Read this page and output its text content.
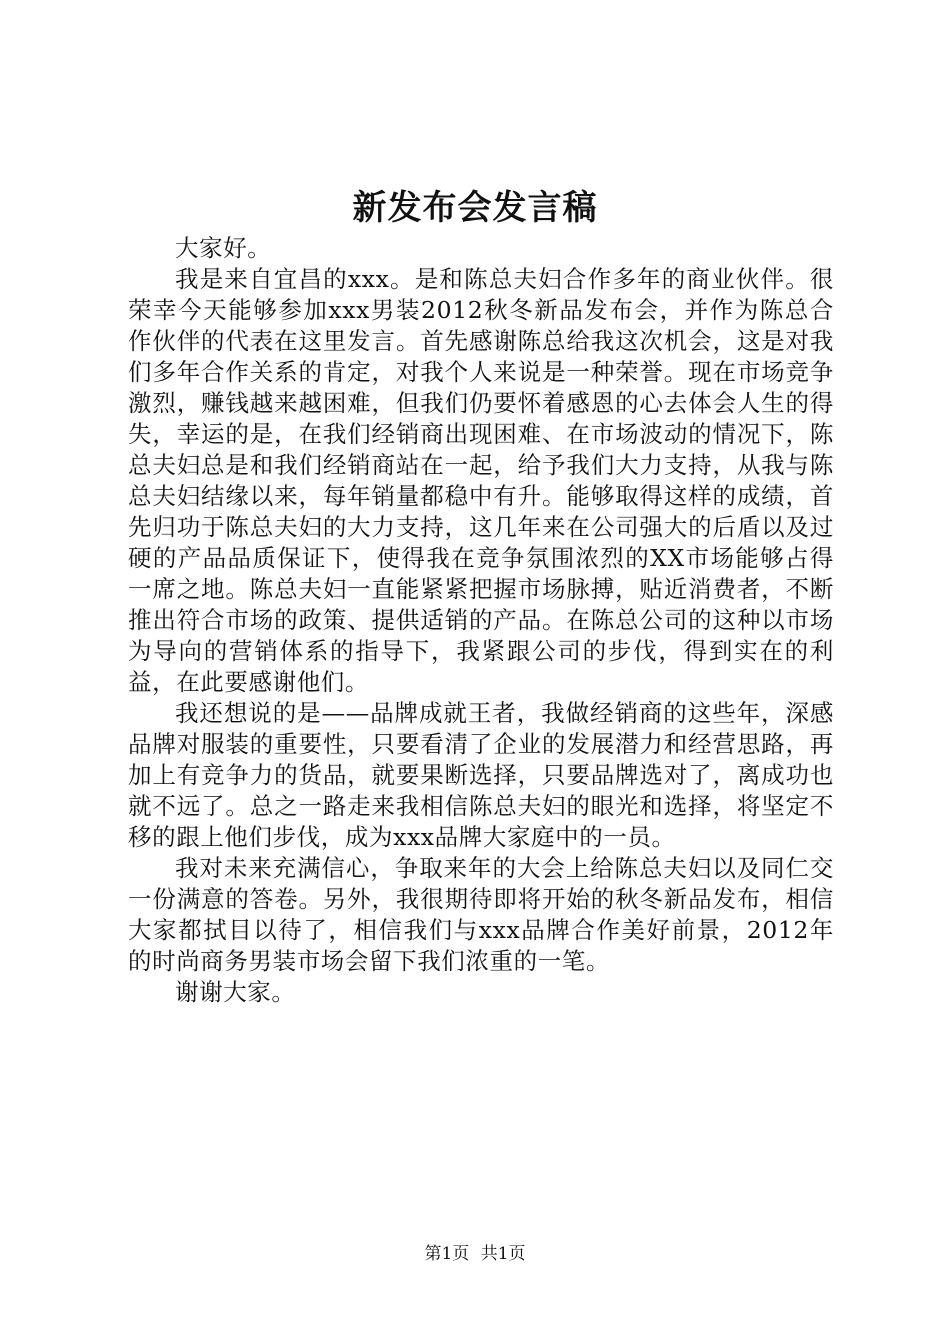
新发布会发言稿

大家好。

我是来自宜昌的xxx。是和陈总夫妇合作多年的商业伙伴。很荣幸今天能够参加xxx男装2012秋冬新品发布会，并作为陈总合作伙伴的代表在这里发言。首先感谢陈总给我这次机会，这是对我们多年合作关系的肯定，对我个人来说是一种荣誉。现在市场竞争激烈，赚钱越来越困难，但我们仍要怀着感恩的心去体会人生的得失，幸运的是，在我们经销商出现困难、在市场波动的情况下，陈总夫妇总是和我们经销商站在一起，给予我们大力支持，从我与陈总夫妇结缘以来，每年销量都稳中有升。能够取得这样的成绩，首先归功于陈总夫妇的大力支持，这几年来在公司强大的后盾以及过硬的产品品质保证下，使得我在竞争氛围浓烈的XX市场能够占得一席之地。陈总夫妇一直能紧紧把握市场脉搏，贴近消费者，不断推出符合市场的政策、提供适销的产品。在陈总公司的这种以市场为导向的营销体系的指导下，我紧跟公司的步伐，得到实在的利益，在此要感谢他们。

我还想说的是——品牌成就王者，我做经销商的这些年，深感品牌对服装的重要性，只要看清了企业的发展潜力和经营思路，再加上有竞争力的货品，就要果断选择，只要品牌选对了，离成功也就不远了。总之一路走来我相信陈总夫妇的眼光和选择，将坚定不移的跟上他们步伐，成为xxx品牌大家庭中的一员。

我对未来充满信心，争取来年的大会上给陈总夫妇以及同仁交一份满意的答卷。另外，我很期待即将开始的秋冬新品发布，相信大家都拭目以待了，相信我们与xxx品牌合作美好前景，2012年的时尚商务男装市场会留下我们浓重的一笔。

谢谢大家。

第1页 共1页
